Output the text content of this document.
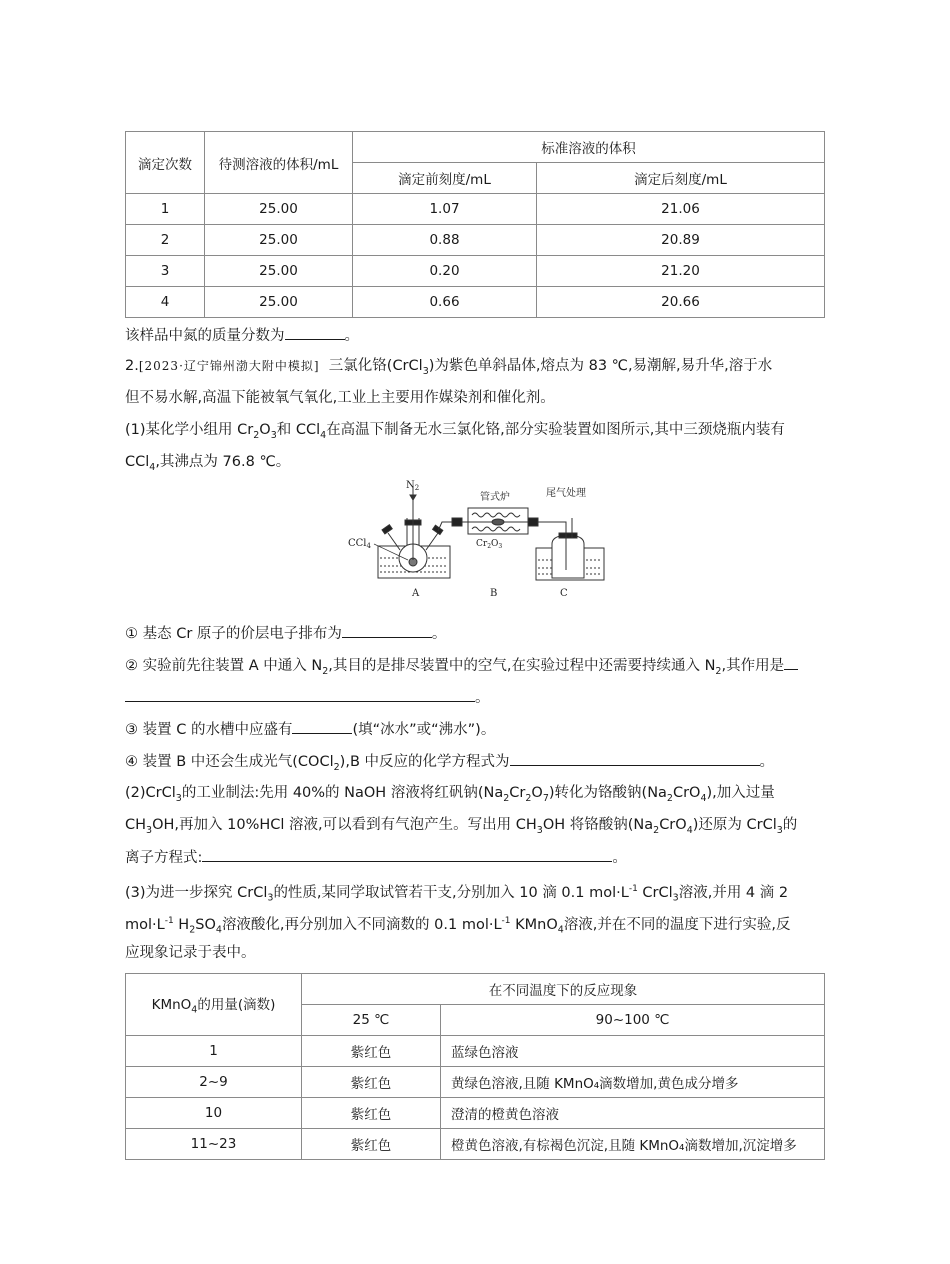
滴定次数	待测溶液的体积/mL	标准溶液的体积	
		滴定前刻度/mL	滴定后刻度/mL
1	25.00	1.07	21.06
2	25.00	0.88	20.89
3	25.00	0.20	21.20
4	25.00	0.66	20.66
该样品中氮的质量分数为	。
2.[2023·辽宁锦州渤大附中模拟] 三氯化铬(CrCl$_3$)为紫色单斜晶体,熔点为 83 ℃,易潮解,易升华,溶于水
但不易水解,高温下能被氧气氧化,工业上主要用作媒染剂和催化剂。
(1)某化学小组用 $Cr_2O_3$和 CCl$_4$在高温下制备无水三氯化铬,部分实验装置如图所示,其中三颈烧瓶内装有
CCl$_4$,其沸点为 76.8 ℃。
$N_2$
管式炉	尾气处理
CCl$_4$	$Cr_2O_3$
A	B	C
① 基态 Cr 原子的价层电子排布为	。
② 实验前先往装置 A 中通入 $N_2$,其目的是排尽装置中的空气,在实验过程中还需要持续通入 $N_2$,其作用是
。
③ 装置 C 的水槽中应盛有	(填“冰水”或“沸水”)。
④ 装置 B 中还会生成光气(COCl$_2$),B 中反应的化学方程式为	。
(2)CrCl$_3$的工业制法:先用 40%的 NaOH 溶液将红矾钠$(Na_2Cr_2O_7)$转化为铬酸钠$(Na_2CrO_4)$,加入过量
$CH_3OH$,再加入 10%HCl 溶液,可以看到有气泡产生。写出用 $CH_3OH$ 将铬酸钠$(Na_2CrO_4)$还原为 CrCl$_3$的
离子方程式:	。
(3)为进一步探究 CrCl$_3$的性质,某同学取试管若干支,分别加入 10 滴 0.1 $mol\cdot L^{-1}$ CrCl$_3$溶液,并用 4 滴 2
$mol\cdot L^{-1}$ $H_2SO_4$溶液酸化,再分别加入不同滴数的 0.1 $mol\cdot L^{-1}$ KMnO$_4$溶液,并在不同的温度下进行实验,反
应现象记录于表中。
KMnO$_4$的用量(滴数)	在不同温度下的反应现象	
	25 ℃	90~100 ℃
1	紫红色	蓝绿色溶液
2~9	紫红色	黄绿色溶液,且随 KMnO₄滴数增加,黄色成分增多
10	紫红色	澄清的橙黄色溶液
11~23	紫红色	橙黄色溶液,有棕褐色沉淀,且随 KMnO₄滴数增加,沉淀增多
